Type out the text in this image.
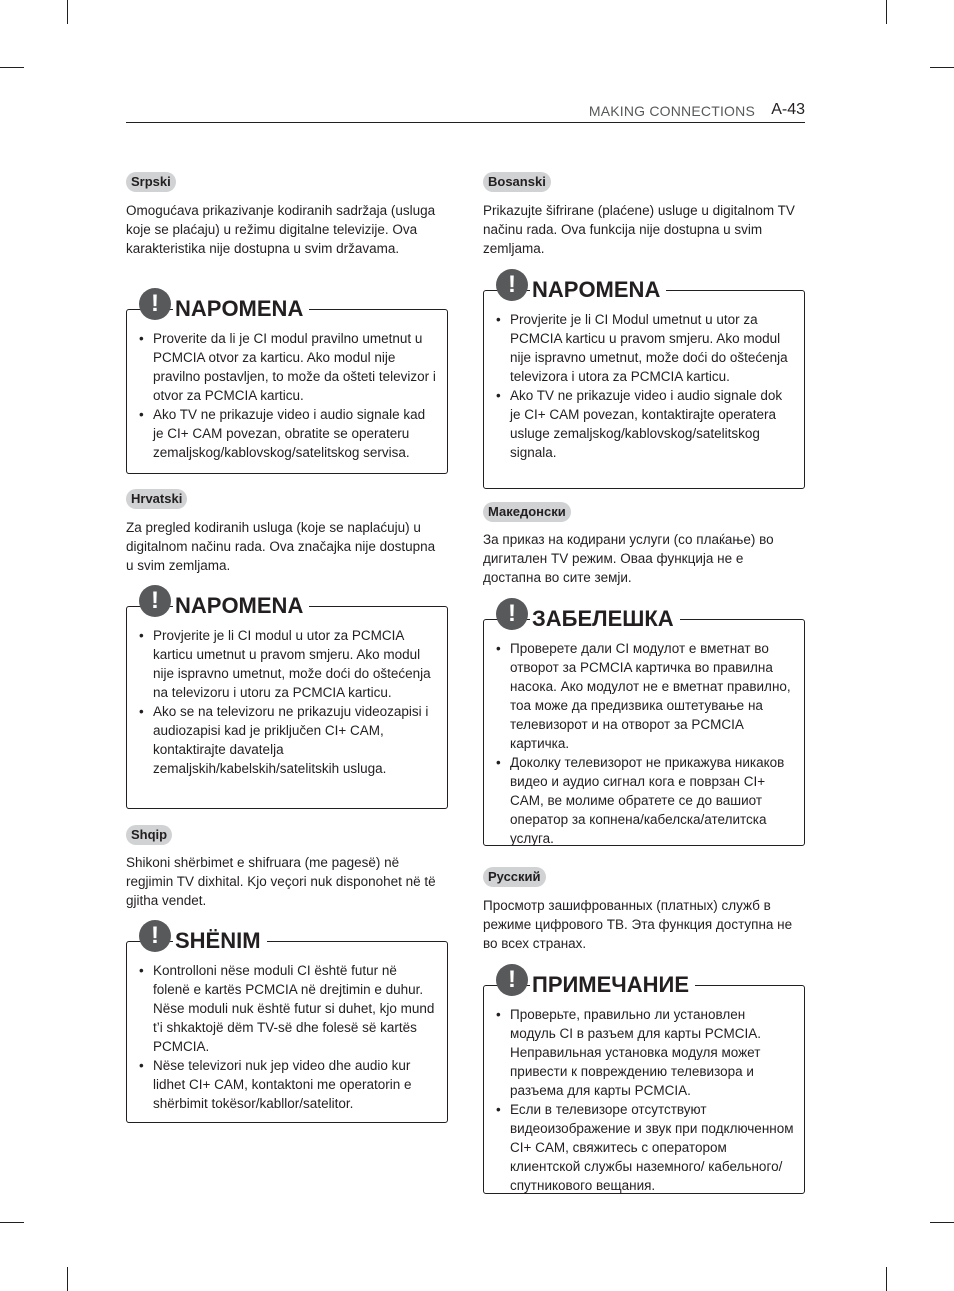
MAKING CONNECTIONS A-43
Srpski

Omogućava prikazivanje kodiranih sadržaja (usluga koje se plaćaju) u režimu digitalne televizije. Ova karakteristika nije dostupna u svim državama.

! NAPOMENA
• Proverite da li je CI modul pravilno umetnut u PCMCIA otvor za karticu. Ako modul nije pravilno postavljen, to može da ošteti televizor i otvor za PCMCIA karticu.
• Ako TV ne prikazuje video i audio signale kad je CI+ CAM povezan, obratite se operateru zemaljskog/kablovskog/satelitskog servisa.
Hrvatski

Za pregled kodiranih usluga (koje se naplaćuju) u digitalnom načinu rada. Ova značajka nije dostupna u svim zemljama.

! NAPOMENA
• Provjerite je li CI modul u utor za PCMCIA karticu umetnut u pravom smjeru. Ako modul nije ispravno umetnut, može doći do oštećenja na televizoru i utoru za PCMCIA karticu.
• Ako se na televizoru ne prikazuju videozapisi i audiozapisi kad je priključen CI+ CAM, kontaktirajte davatelja zemaljskih/kabelskih/satelitskih usluga.
Shqip

Shikoni shërbimet e shifruara (me pagesë) në regjimin TV dixhital. Kjo veçori nuk disponohet në të gjitha vendet.

! SHËNIM
• Kontrolloni nëse moduli CI është futur në folenë e kartës PCMCIA në drejtimin e duhur. Nëse moduli nuk është futur si duhet, kjo mund t’i shkaktojë dëm TV-së dhe folesë së kartës PCMCIA.
• Nëse televizori nuk jep video dhe audio kur lidhet CI+ CAM, kontaktoni me operatorin e shërbimit tokësor/kabllor/satelitor.
Bosanski

Prikazujte šifrirane (plaćene) usluge u digitalnom TV načinu rada. Ova funkcija nije dostupna u svim zemljama.

! NAPOMENA
• Provjerite je li CI Modul umetnut u utor za PCMCIA karticu u pravom smjeru. Ako modul nije ispravno umetnut, može doći do oštećenja televizora i utora za PCMCIA karticu.
• Ako TV ne prikazuje video i audio signale dok je CI+ CAM povezan, kontaktirajte operatera usluge zemaljskog/kablovskog/satelitskog signala.
Македонски

За приказ на кодирани услуги (со плаќање) во дигитален TV режим. Оваа функција не е достапна во сите земји.

! ЗАБЕЛЕШКА
• Проверете дали CI модулот е вметнат во отворот за PCMCIA картичка во правилна насока. Ако модулот не е вметнат правилно, тоа може да предизвика оштетување на телевизорот и на отворот за PCMCIA картичка.
• Доколку телевизорот не прикажува никаков видео и аудио сигнал кога е поврзан CI+ CAM, ве молиме обратете се до вашиот оператор за копнена/кабелска/ателитска услуга.
Русский

Просмотр зашифрованных (платных) служб в режиме цифрового ТВ. Эта функция доступна не во всех странах.

! ПРИМЕЧАНИЕ
• Проверьте, правильно ли установлен модуль CI в разъем для карты PCMCIA. Неправильная установка модуля может привести к повреждению телевизора и разъема для карты PCMCIA.
• Если в телевизоре отсутствуют видеоизображение и звук при подключенном CI+ CAM, свяжитесь с оператором клиентской службы наземного/ кабельного/спутникового вещания.
